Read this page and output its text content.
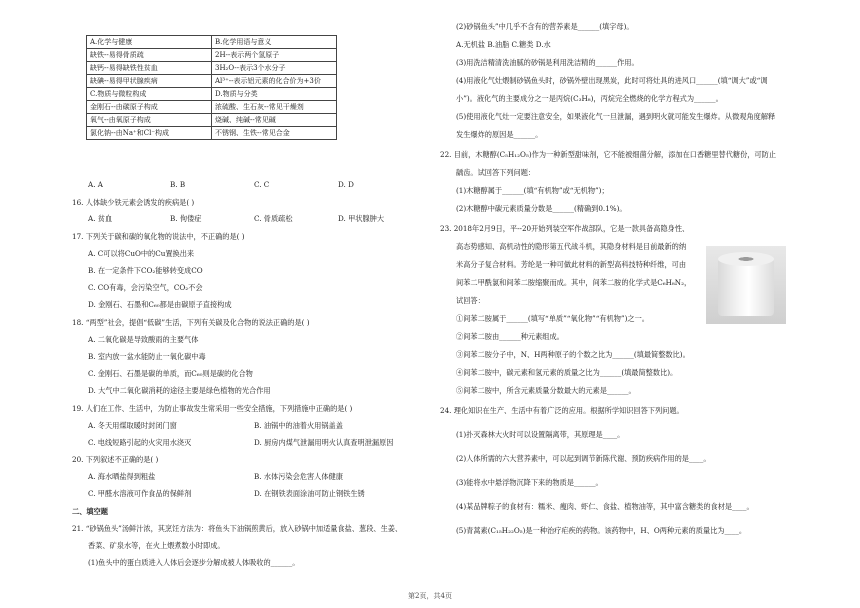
A.化学与健康	B.化学用语与意义
缺铁--易得骨质疏	2H--表示两个氢原子
缺钙--易得缺铁性贫血	3H₂O--表示3个水分子
缺碘--易得甲状腺疾病	Al³⁺--表示铝元素的化合价为+3价
C.物质与微粒构成	D.物质与分类
金刚石--由碳原子构成	浓硫酸、生石灰--常见干燥剂
氧气--由氧原子构成	烧碱、纯碱--常见碱
氯化钠--由Na⁺和Cl⁻构成	不锈钢、生铁--常见合金
A. A	B. B	C. C	D. D
16. 人体缺少铁元素会诱发的疾病是( )
A. 贫血	B. 佝偻症	C. 骨质疏松	D. 甲状腺肿大
17. 下列关于碳和碳的氧化物的说法中，不正确的是( )
A. C可以将CuO中的Cu置换出来
B. 在一定条件下CO₂能够转变成CO
C. CO有毒，会污染空气，CO₂不会
D. 金刚石、石墨和C₆₀都是由碳原子直接构成
18. “两型”社会，提倡“低碳”生活，下列有关碳及化合物的说法正确的是( )
A. 二氧化碳是导致酸雨的主要气体
B. 室内放一盆水能防止一氧化碳中毒
C. 金刚石、石墨是碳的单质，而C₆₀则是碳的化合物
D. 大气中二氧化碳消耗的途径主要是绿色植物的光合作用
19. 人们在工作、生活中，为防止事故发生常采用一些安全措施，下列措施中正确的是( )
A. 冬天用煤取暖时封闭门窗	B. 油锅中的油着火用锅盖盖
C. 电线短路引起的火灾用水浇灭	D. 厨房内煤气泄漏用明火认真查明泄漏原因
20. 下列叙述不正确的是( )
A. 海水晒盐得到粗盐	B. 水体污染会危害人体健康
C. 甲醛水溶液可作食品的保鲜剂	D. 在钢铁表面涂油可防止钢铁生锈
二、填空题
21. “砂锅鱼头”汤鲜汁浓，其烹饪方法为：将鱼头下油锅煎黄后，放入砂锅中加适量食盐、葱段、生姜、
香菜、矿泉水等，在火上煨煮数小时即成。
(1)鱼头中的蛋白质进入人体后会逐步分解成被人体吸收的______。
(2)砂锅鱼头”中几乎不含有的营养素是______(填字母)。
A.无机盐 B.油脂 C.糖类 D.水
(3)用洗洁精清洗油腻的砂锅是利用洗洁精的______作用。
(4)用液化气灶煨制砂锅鱼头时，砂锅外壁出现黑炭，此时可将灶具的进风口______(填“调大”或“调
小”)。液化气的主要成分之一是丙烷(C₃H₈)，丙烷完全燃烧的化学方程式为______。
(5)使用液化气灶一定要注意安全，如果液化气一旦泄漏，遇到明火就可能发生爆炸。从微观角度解释
发生爆炸的原因是______。
22. 目前，木糖醇(C₅H₁₂O₅)作为一种新型甜味剂，它不能被细菌分解，添加在口香糖里替代糖份，可防止
龋齿。试回答下列问题：
(1)木糖醇属于______(填“有机物”或“无机物”)；
(2)木糖醇中碳元素质量分数是______(精确到0.1%)。
23. 2018年2月9日，平--20开始列装空军作战部队，它是一款具备高隐身性、
高态势感知、高机动性的隐形第五代战斗机，其隐身材料是目前最新的纳
米高分子复合材料。芳纶是一种可做此材料的新型高科技特种纤维，可由
间苯二甲酰氯和间苯二胺缩聚而成。其中，间苯二胺的化学式是C₆H₈N₂，
试回答：
①间苯二胺属于______(填写“单质”“氧化物”“有机物”)之一。
②间苯二胺由______种元素组成。
③间苯二胺分子中，N、H两种原子的个数之比为______(填最简整数比)。
④间苯二胺中，碳元素和氢元素的质量之比为______(填最简整数比)。
⑤间苯二胺中，所含元素质量分数最大的元素是______。
24. 理化知识在生产、生活中有着广泛的应用。根据所学知识回答下列问题。
(1)扑灭森林大火时可以设置隔离带，其原理是____。
(2)人体所需的六大营养素中，可以起到调节新陈代谢、预防疾病作用的是____。
(3)能将水中悬浮物沉降下来的物质是______。
(4)某品牌粽子的食材有：糯米、瘦肉、虾仁、食盐、植物油等，其中富含糖类的食材是____。
(5)青蒿素(C₁₅H₂₂O₅)是一种治疗疟疾的药物。该药物中，H、O两种元素的质量比为____。
第2页，共4页
